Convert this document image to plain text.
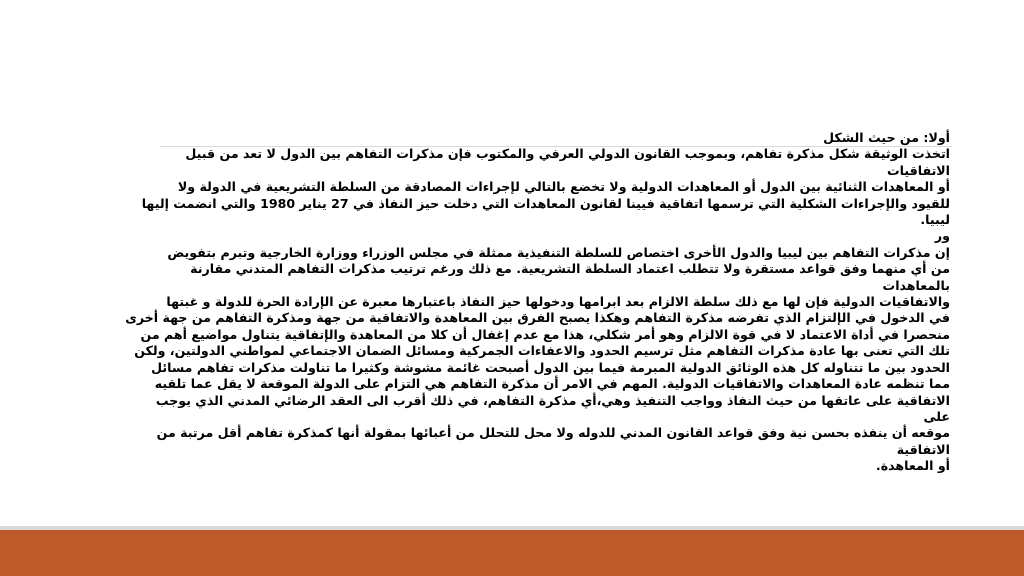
أولا: من حيث الشكل
اتخذت الوثيقة شكل مذكرة تفاهم، وبموجب القانون الدولي العرفي والمكتوب فإن مذكرات التفاهم بين الدول لا تعد من قبيل
الاتفاقيات
أو المعاهدات الثنائية بين الدول أو المعاهدات الدولية ولا تخضع بالتالي لإجراءات المصادقة من السلطة التشريعية في الدولة ولا
للقيود والإجراءات الشكلية التي ترسمها اتفاقية فيينا لقانون المعاهدات التي دخلت حيز النفاذ في 27 يناير 1980 والتي انضمت إليها
ليبيا.
ور
إن مذكرات التفاهم بين ليبيا والدول الأخرى اختصاص للسلطة التنفيذية ممثلة في مجلس الوزراء ووزارة الخارجية وتبرم بتفويض
من أي منهما وفق قواعد مستقرة ولا تتطلب اعتماد السلطة التشريعية. مع ذلك ورغم ترتيب مذكرات التفاهم المتدني مقارنة
بالمعاهدات
والاتفاقيات الدولية فإن لها مع ذلك سلطة الالزام بعد ابرامها ودخولها حيز النفاذ باعتبارها معبرة عن الإرادة الحرة للدولة و غبتها
في الدخول في الإلتزام الذي تفرضه مذكرة التفاهم وهكذا يصبح الفرق بين المعاهدة والاتفاقية من جهة ومذكرة التفاهم من جهة أخرى
منحصرا في أداة الاعتماد لا في قوة الالزام وهو أمر شكلي، هذا مع عدم إغفال أن كلا من المعاهدة والإتفاقية يتناول مواضيع أهم من
تلك التي تعنى بها عادة مذكرات التفاهم مثل ترسيم الحدود والاعفاءات الجمركية ومسائل الضمان الاجتماعي لمواطني الدولتين، ولكن
الحدود بين ما تتناوله كل هذه الوثائق الدولية المبرمة فيما بين الدول أصبحت غائمة مشوشة وكثيرا ما تناولت مذكرات تفاهم مسائل
مما تنظمه عادة المعاهدات والاتفاقيات الدولية. المهم في الامر أن مذكرة التفاهم هي التزام على الدولة الموقعة لا يقل عما تلقيه
الاتفاقية على عاتقها من حيث النفاذ وواجب التنفيذ وهي،أي مذكرة التفاهم، في ذلك أقرب الى العقد الرضائي المدني الذي يوجب
على
موقعه أن ينفذه بحسن نية وفق قواعد القانون المدني للدوله ولا محل للتحلل من أعبائها بمقولة أنها كمذكرة تفاهم أقل مرتبة من
الاتفاقية
أو المعاهدة.
